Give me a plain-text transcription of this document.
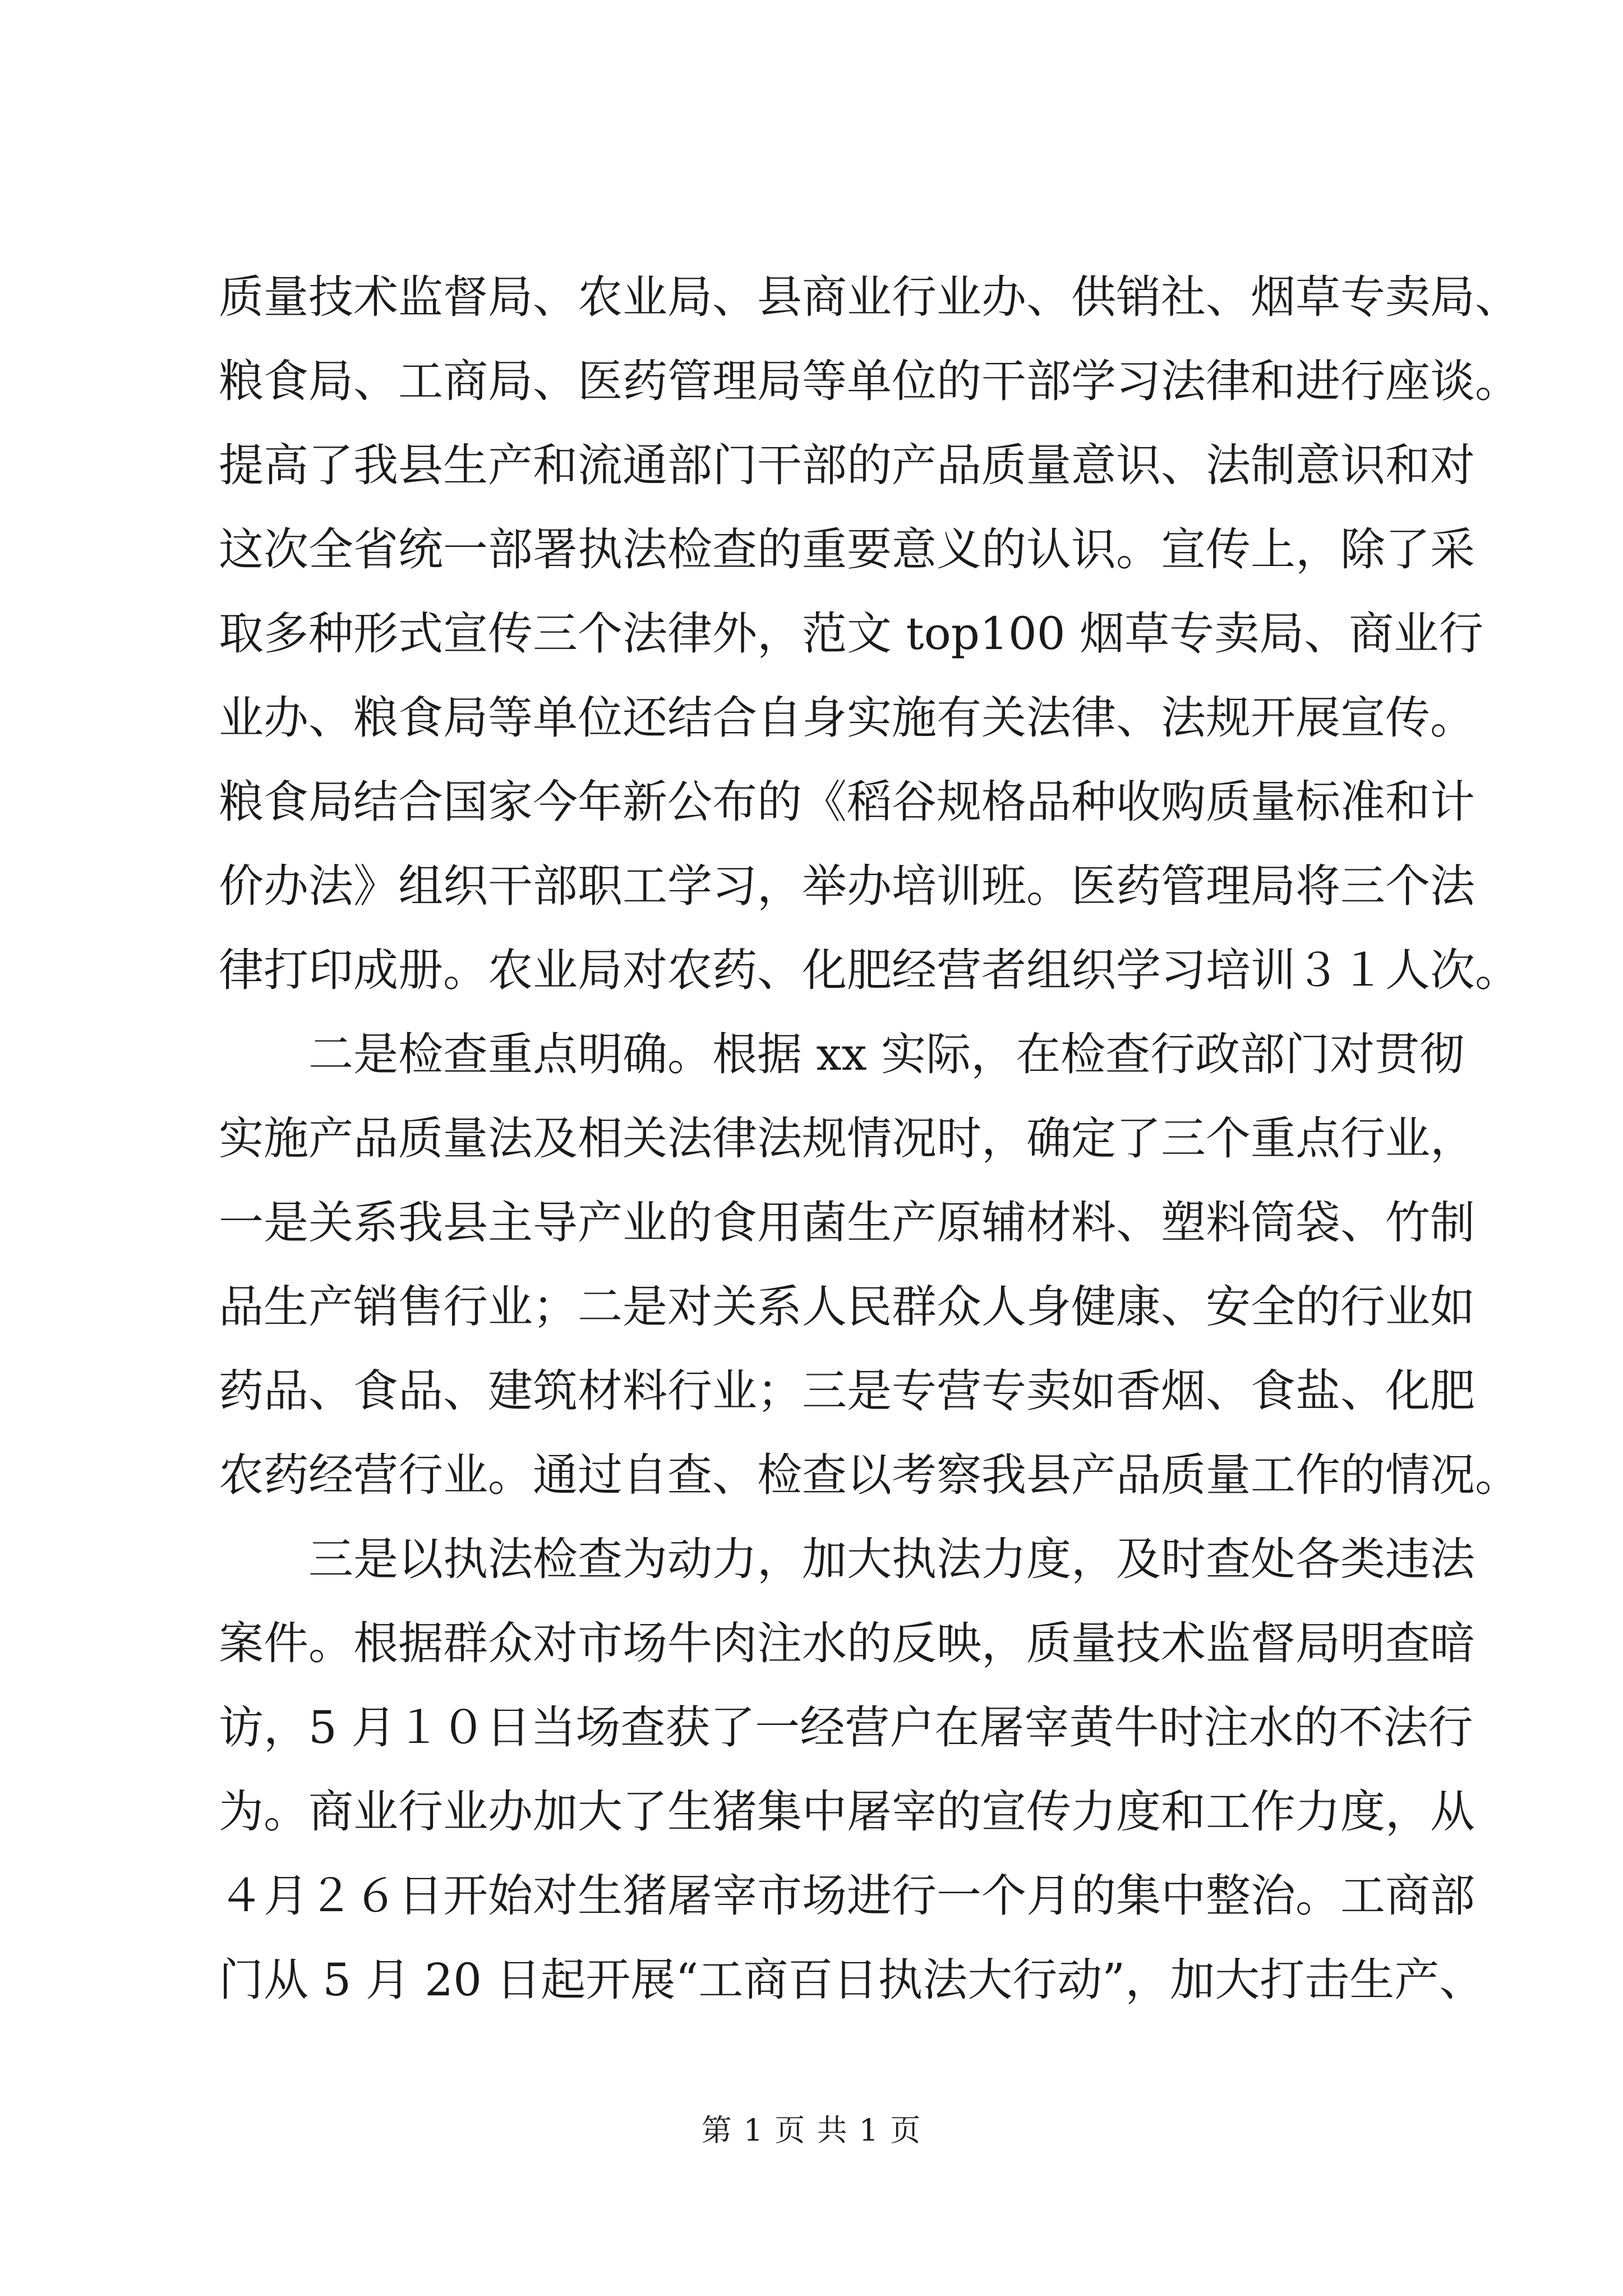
质量技术监督局、农业局、县商业行业办、供销社、烟草专卖局、
粮食局、工商局、医药管理局等单位的干部学习法律和进行座谈。
提高了我县生产和流通部门干部的产品质量意识、法制意识和对
这次全省统一部署执法检查的重要意义的认识。宣传上，除了采
取多种形式宣传三个法律外，范文 top100 烟草专卖局、商业行
业办、粮食局等单位还结合自身实施有关法律、法规开展宣传。
粮食局结合国家今年新公布的《稻谷规格品种收购质量标准和计
价办法》组织干部职工学习，举办培训班。医药管理局将三个法
律打印成册。农业局对农药、化肥经营者组织学习培训３１人次。
二是检查重点明确。根据 xx 实际，在检查行政部门对贯彻
实施产品质量法及相关法律法规情况时，确定了三个重点行业，
一是关系我县主导产业的食用菌生产原辅材料、塑料筒袋、竹制
品生产销售行业；二是对关系人民群众人身健康、安全的行业如
药品、食品、建筑材料行业；三是专营专卖如香烟、食盐、化肥
农药经营行业。通过自查、检查以考察我县产品质量工作的情况。
三是以执法检查为动力，加大执法力度，及时查处各类违法
案件。根据群众对市场牛肉注水的反映，质量技术监督局明查暗
访，5 月１０日当场查获了一经营户在屠宰黄牛时注水的不法行
为。商业行业办加大了生猪集中屠宰的宣传力度和工作力度，从
４月２６日开始对生猪屠宰市场进行一个月的集中整治。工商部
门从 5 月 20 日起开展“工商百日执法大行动”，加大打击生产、
第 1 页 共 1 页
